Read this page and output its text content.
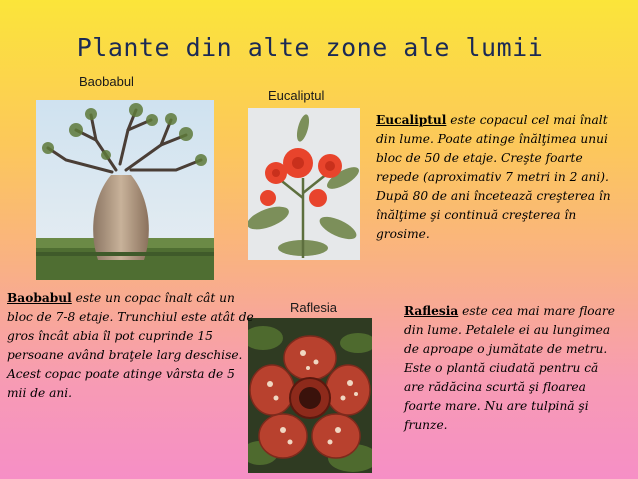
Plante din alte zone ale lumii
Baobabul
Eucaliptul
Raflesia
Eucaliptul este copacul cel mai înalt din lume. Poate atinge înălţimea unui bloc de 50 de etaje. Creşte foarte repede (aproximativ 7 metri in 2 ani). După 80 de ani încetează creşterea în înălţime şi continuă creşterea în grosime.
Baobabul este un copac înalt cât un bloc de 7-8 etaje. Trunchiul este atât de gros încât abia îl pot cuprinde 15 persoane având braţele larg deschise. Acest copac poate atinge vârsta de 5 mii de ani.
Raflesia este cea mai mare floare din lume. Petalele ei au lungimea de aproape o jumătate de metru. Este o plantă ciudată pentru că are rădăcina scurtă şi floarea foarte mare. Nu are tulpină şi frunze.
